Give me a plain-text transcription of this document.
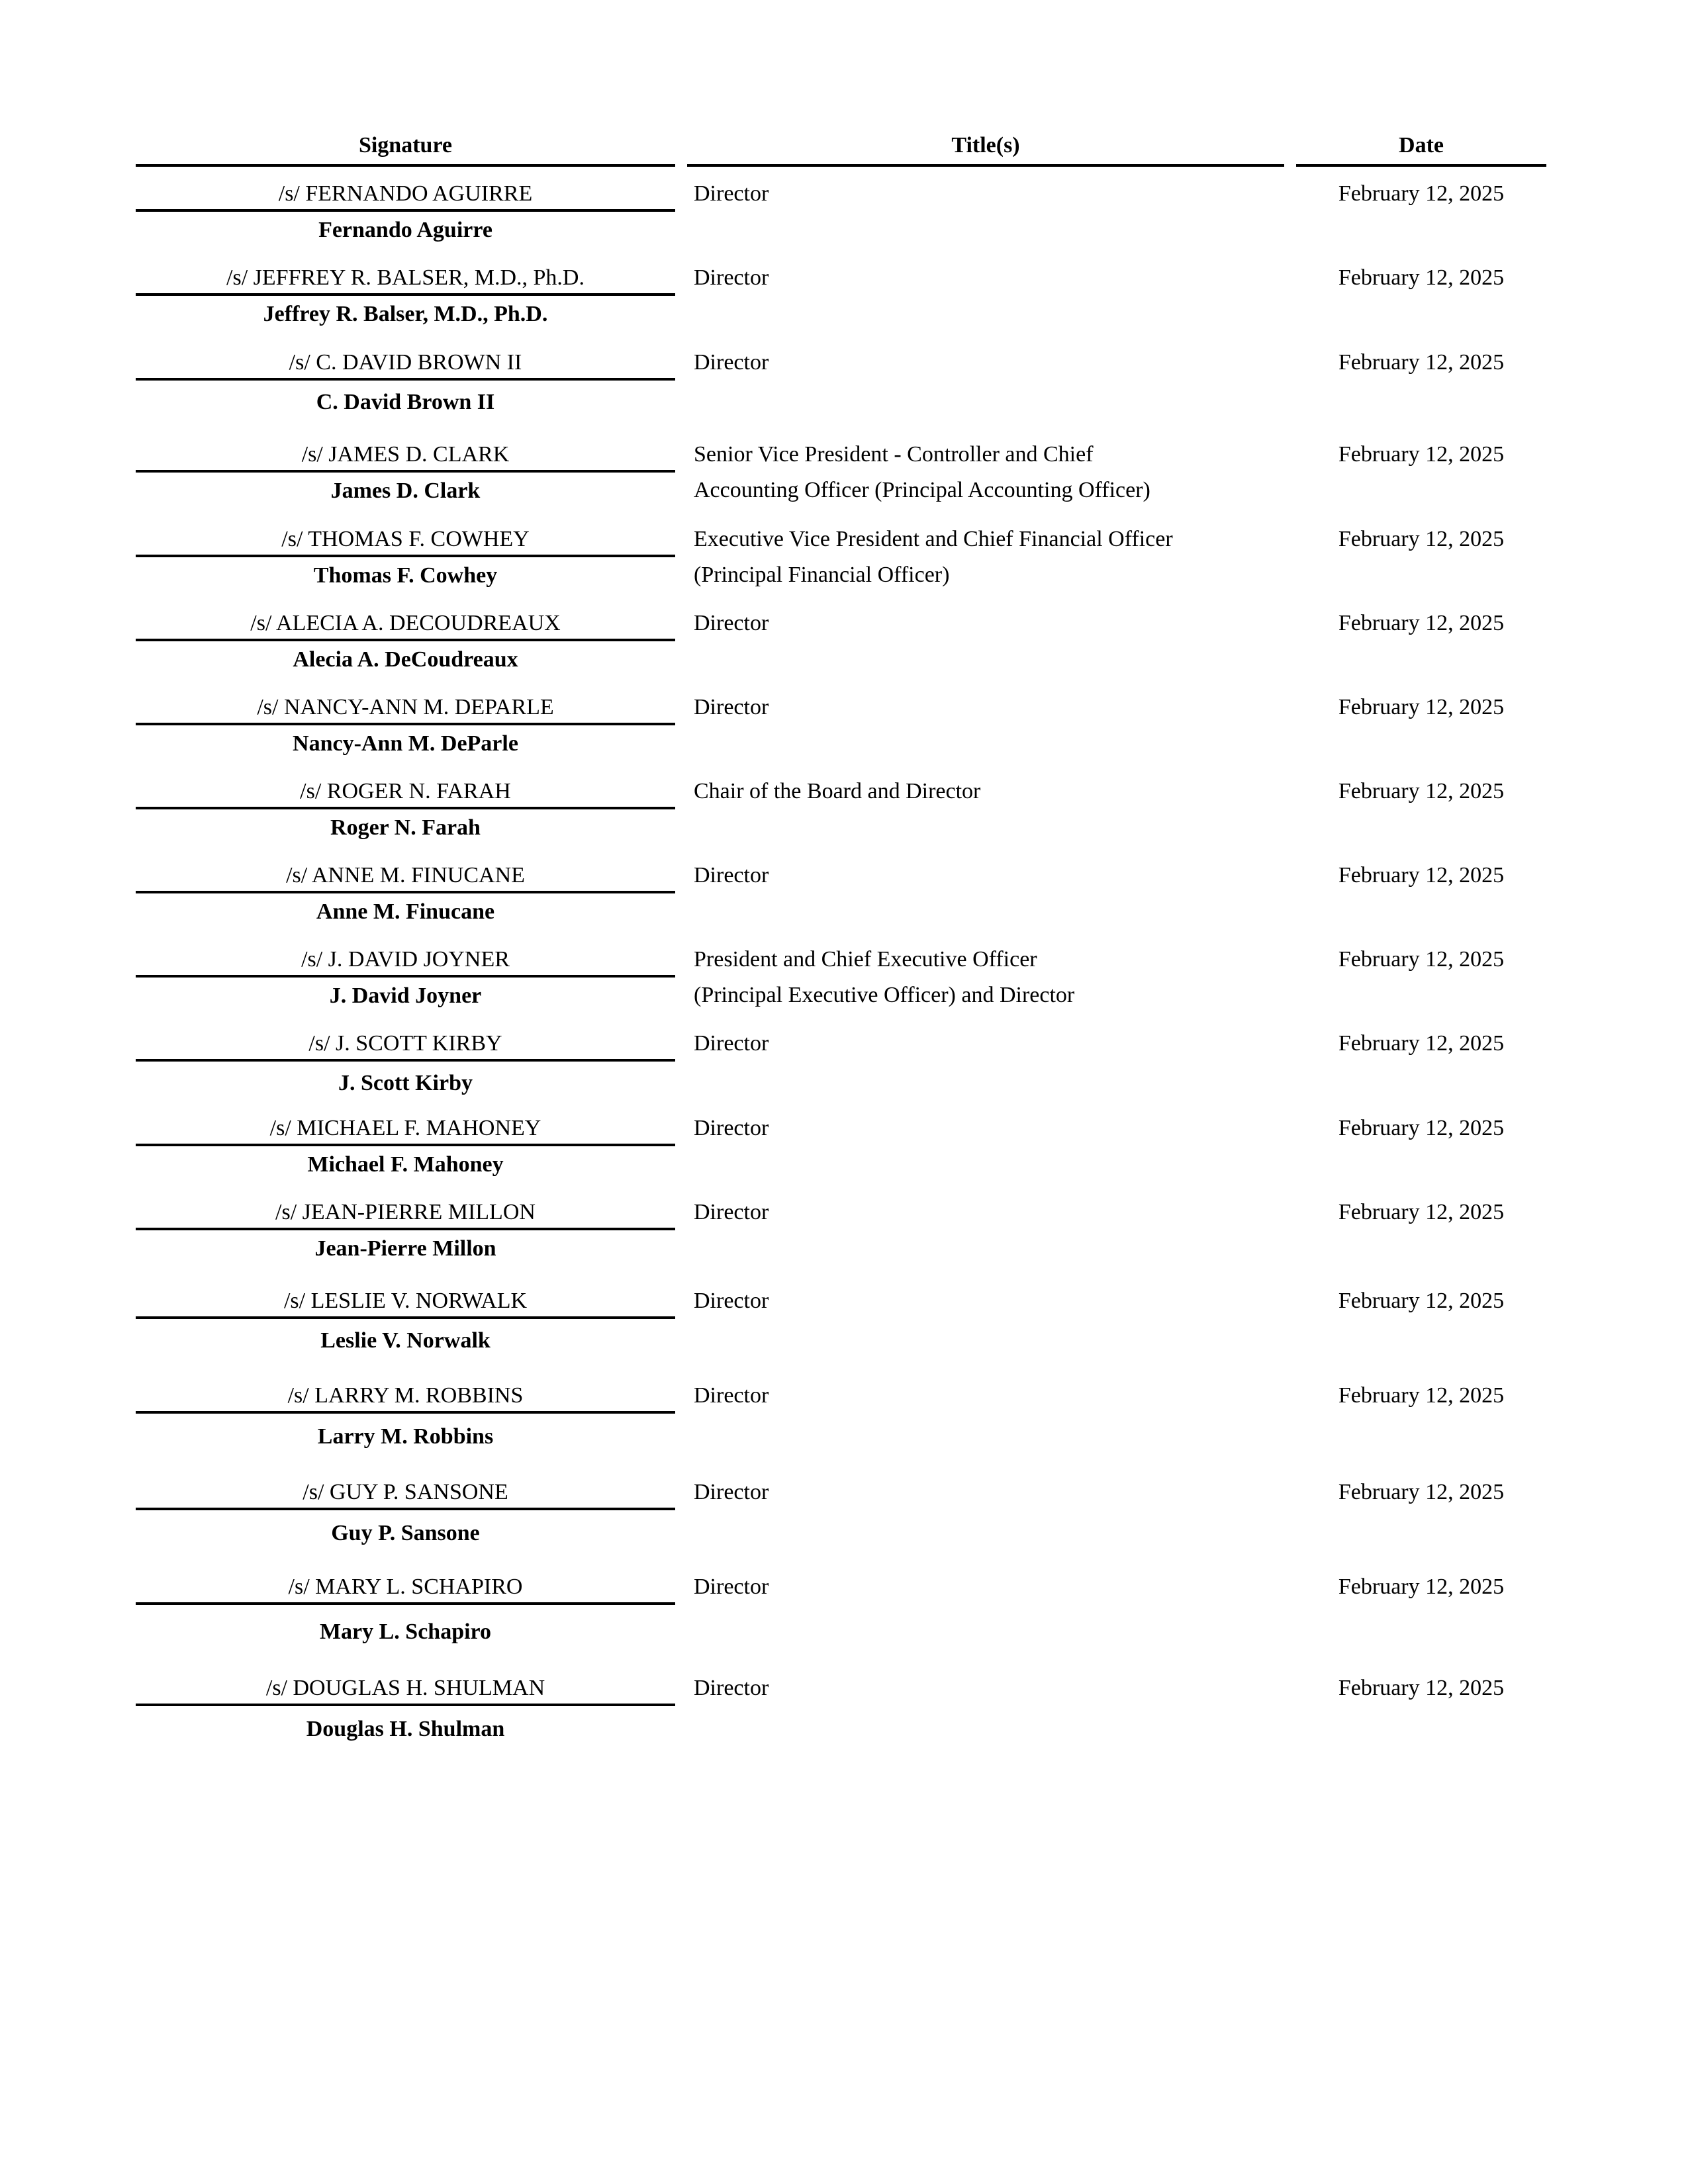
Signature	Title(s)	Date
/s/ FERNANDO AGUIRRE
Fernando Aguirre
Director	February 12, 2025
/s/ JEFFREY R. BALSER, M.D., Ph.D.
Jeffrey R. Balser, M.D., Ph.D.
Director	February 12, 2025
/s/ C. DAVID BROWN II
C. David Brown II
Director	February 12, 2025
/s/ JAMES D. CLARK
James D. Clark
Senior Vice President - Controller and Chief
Accounting Officer (Principal Accounting Officer)
February 12, 2025
/s/ THOMAS F. COWHEY
Thomas F. Cowhey
Executive Vice President and Chief Financial Officer
(Principal Financial Officer)
February 12, 2025
/s/ ALECIA A. DECOUDREAUX
Alecia A. DeCoudreaux
Director	February 12, 2025
/s/ NANCY-ANN M. DEPARLE
Nancy-Ann M. DeParle
Director	February 12, 2025
/s/ ROGER N. FARAH
Roger N. Farah
Chair of the Board and Director	February 12, 2025
/s/ ANNE M. FINUCANE
Anne M. Finucane
Director	February 12, 2025
/s/ J. DAVID JOYNER
J. David Joyner
President and Chief Executive Officer
(Principal Executive Officer) and Director
February 12, 2025
/s/ J. SCOTT KIRBY
J. Scott Kirby
Director	February 12, 2025
/s/ MICHAEL F. MAHONEY
Michael F. Mahoney
Director	February 12, 2025
/s/ JEAN-PIERRE MILLON
Jean-Pierre Millon
Director	February 12, 2025
/s/ LESLIE V. NORWALK
Leslie V. Norwalk
Director	February 12, 2025
/s/ LARRY M. ROBBINS
Larry M. Robbins
Director	February 12, 2025
/s/ GUY P. SANSONE
Guy P. Sansone
Director	February 12, 2025
/s/ MARY L. SCHAPIRO
Mary L. Schapiro
Director	February 12, 2025
/s/ DOUGLAS H. SHULMAN
Douglas H. Shulman
Director	February 12, 2025
